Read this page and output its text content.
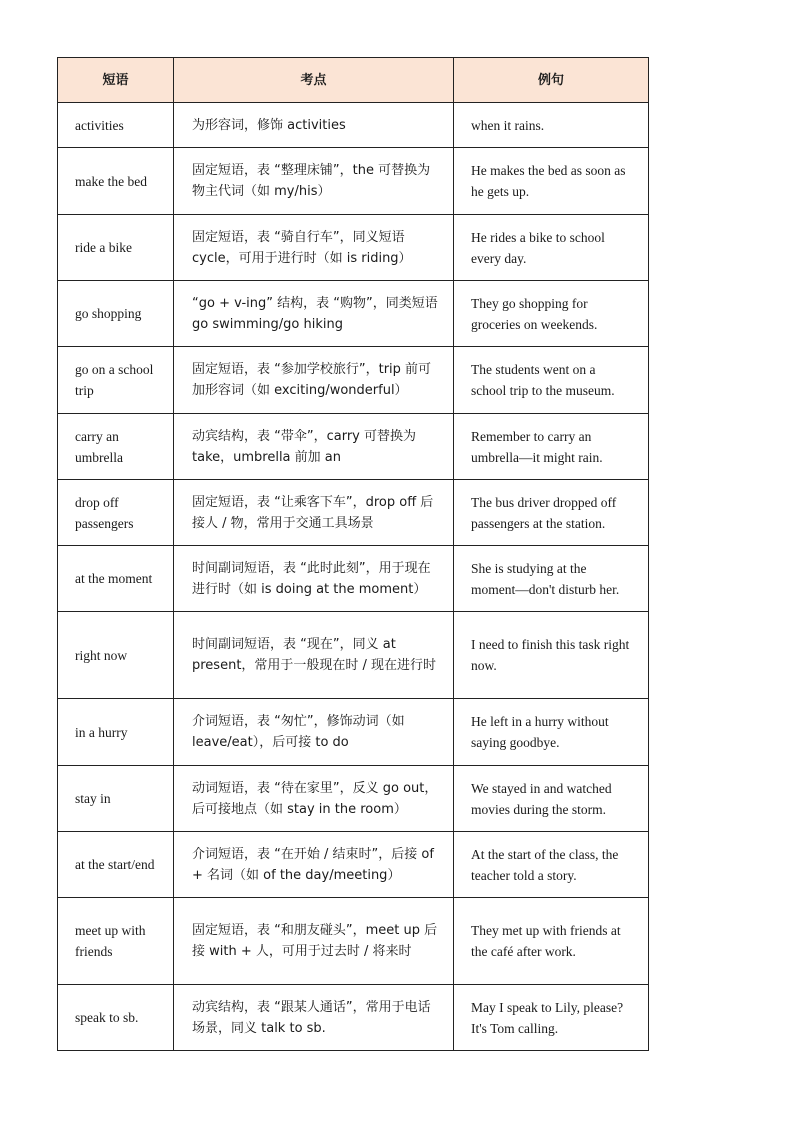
短语	考点	例句
activities	为形容词，修饰 activities	when it rains.
make the bed	固定短语，表 “整理床铺”，the 可替换为物主代词（如 my/his）	He makes the bed as soon as he gets up.
ride a bike	固定短语，表 “骑自行车”，同义短语 cycle，可用于进行时（如 is riding）	He rides a bike to school every day.
go shopping	“go + v-ing” 结构，表 “购物”，同类短语 go swimming/go hiking	They go shopping for groceries on weekends.
go on a school trip	固定短语，表 “参加学校旅行”，trip 前可加形容词（如 exciting/wonderful）	The students went on a school trip to the museum.
carry an umbrella	动宾结构，表 “带伞”，carry 可替换为 take，umbrella 前加 an	Remember to carry an umbrella—it might rain.
drop off passengers	固定短语，表 “让乘客下车”，drop off 后接人 / 物，常用于交通工具场景	The bus driver dropped off passengers at the station.
at the moment	时间副词短语，表 “此时此刻”，用于现在进行时（如 is doing at the moment）	She is studying at the moment—don't disturb her.
right now	时间副词短语，表 “现在”，同义 at present，常用于一般现在时 / 现在进行时	I need to finish this task right now.
in a hurry	介词短语，表 “匆忙”，修饰动词（如 leave/eat），后可接 to do	He left in a hurry without saying goodbye.
stay in	动词短语，表 “待在家里”，反义 go out，后可接地点（如 stay in the room）	We stayed in and watched movies during the storm.
at the start/end	介词短语，表 “在开始 / 结束时”，后接 of + 名词（如 of the day/meeting）	At the start of the class, the teacher told a story.
meet up with friends	固定短语，表 “和朋友碰头”，meet up 后接 with + 人，可用于过去时 / 将来时	They met up with friends at the café after work.
speak to sb.	动宾结构，表 “跟某人通话”，常用于电话场景，同义 talk to sb.	May I speak to Lily, please? It's Tom calling.
